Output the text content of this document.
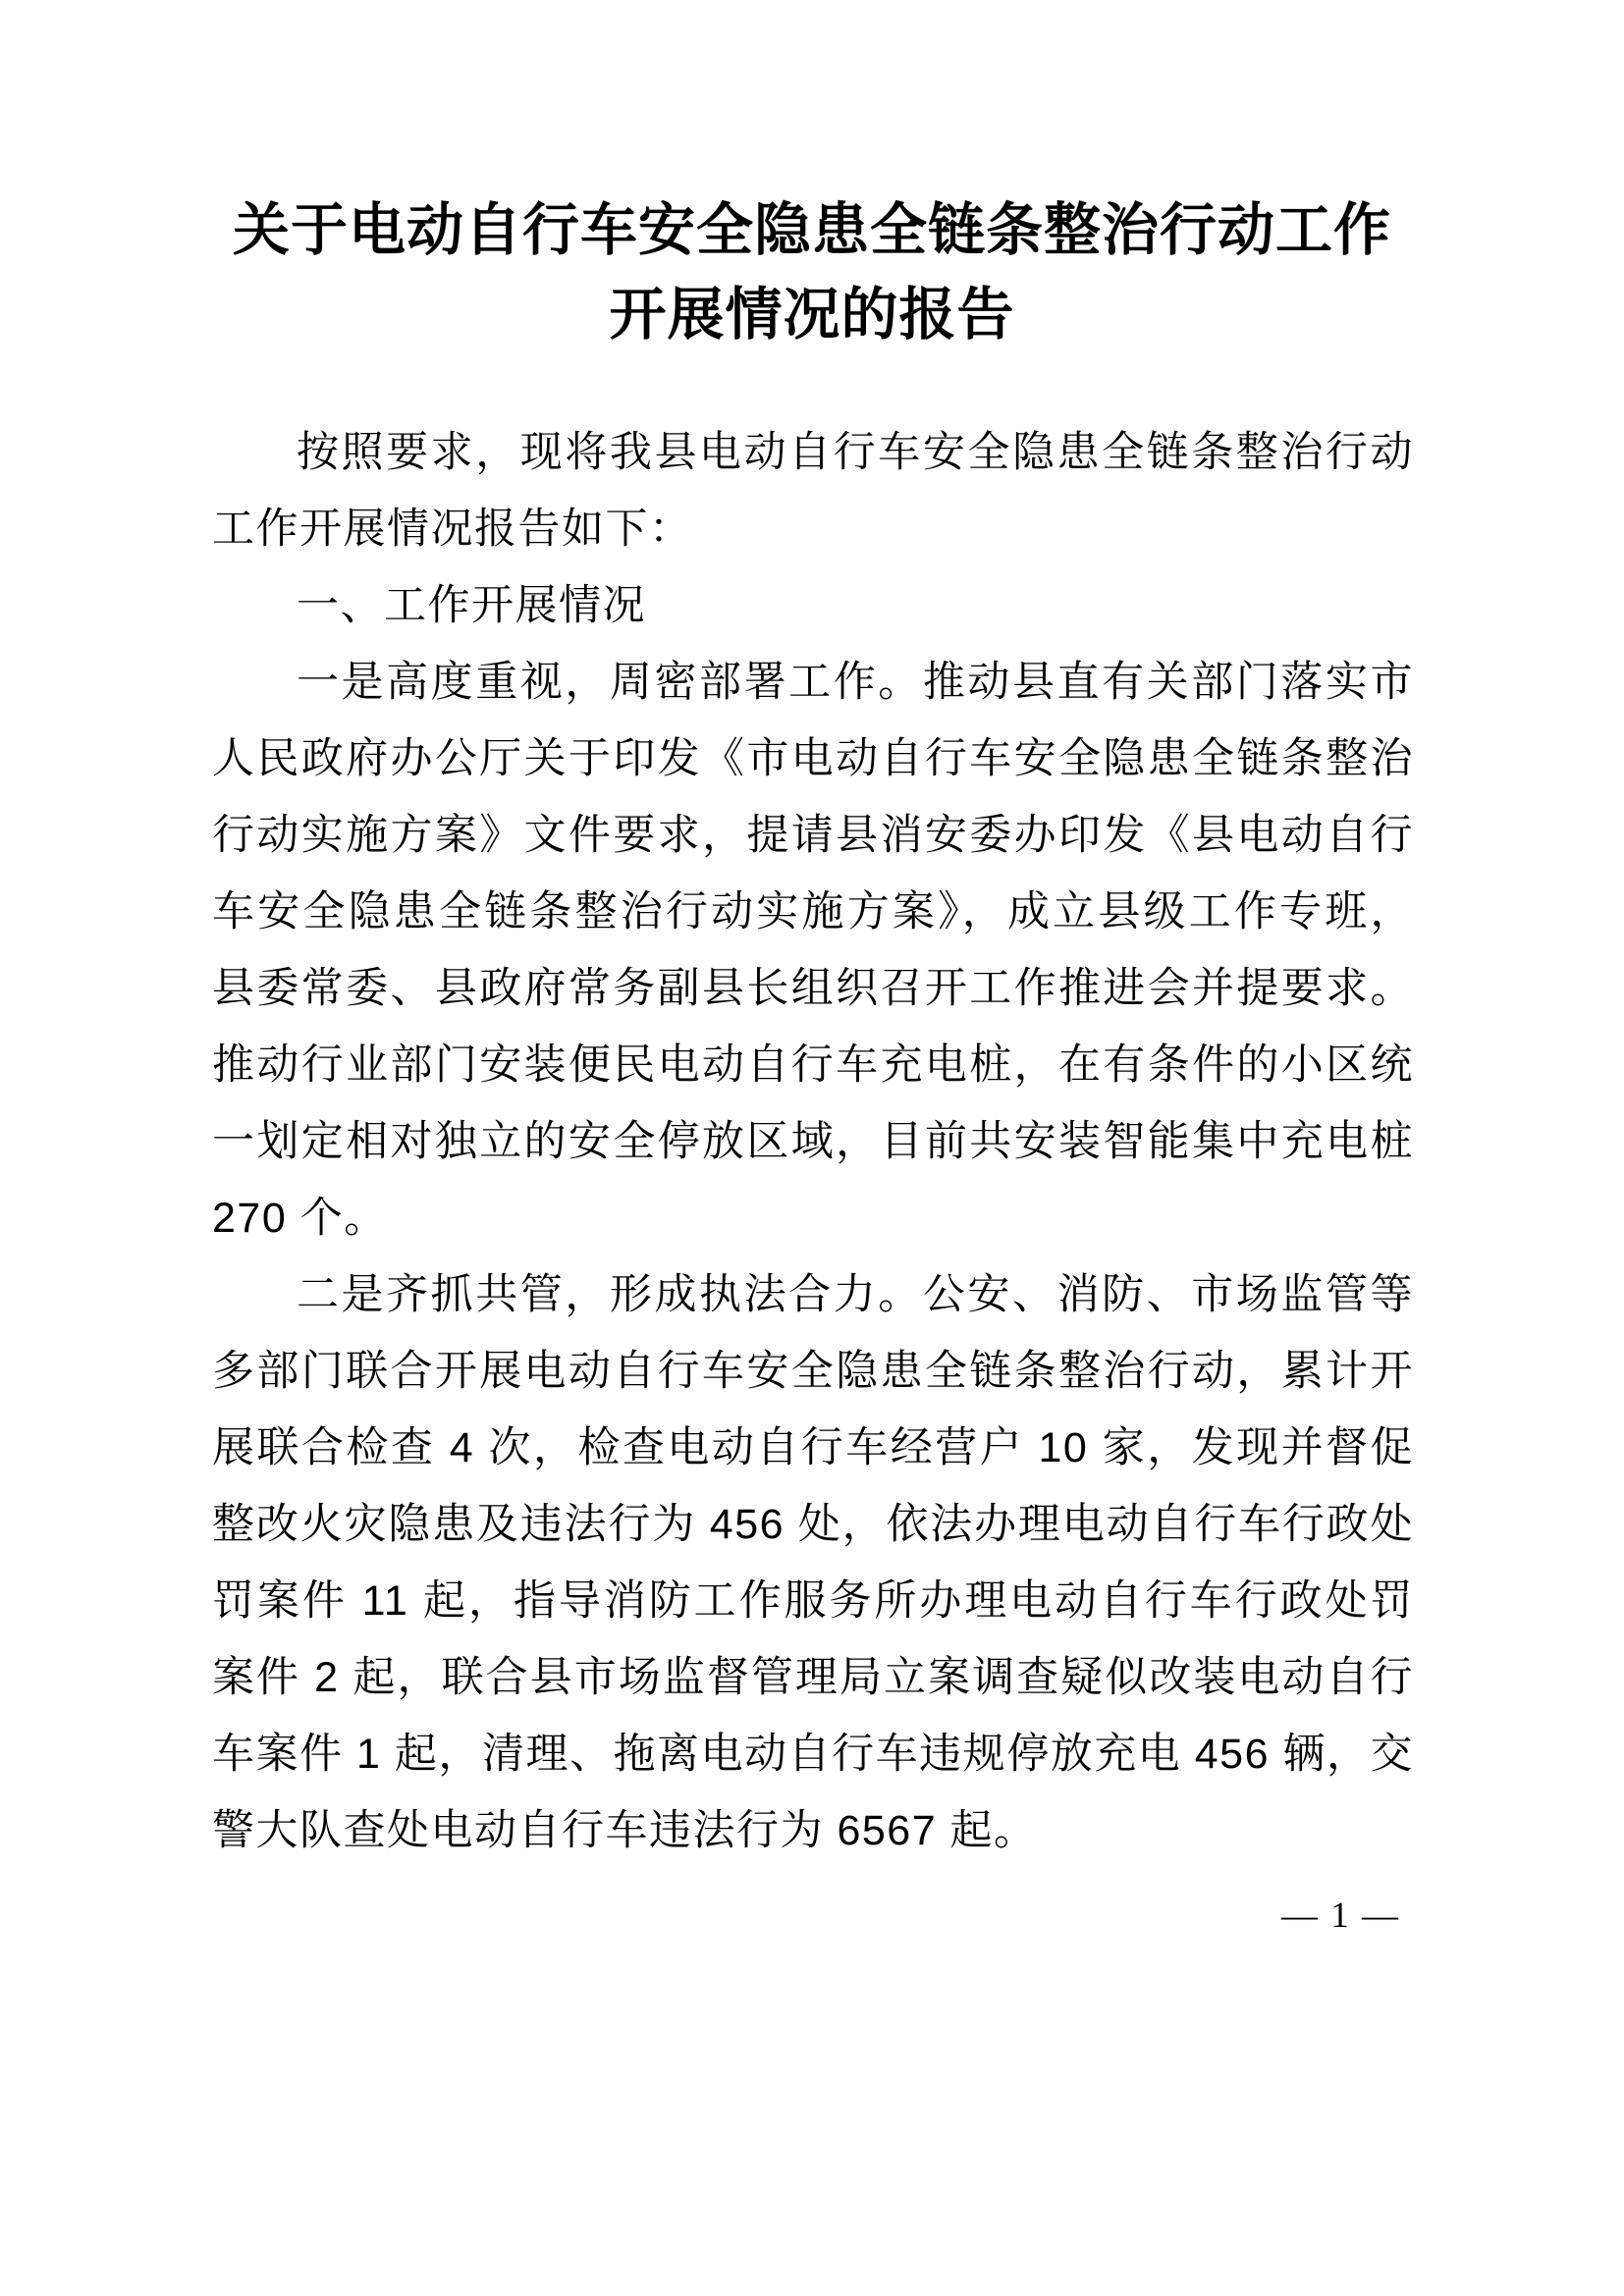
关于电动自行车安全隐患全链条整治行动工作
开展情况的报告

按照要求，现将我县电动自行车安全隐患全链条整治行动工作开展情况报告如下：

一、工作开展情况

一是高度重视，周密部署工作。推动县直有关部门落实市人民政府办公厅关于印发《市电动自行车安全隐患全链条整治行动实施方案》文件要求，提请县消安委办印发《县电动自行车安全隐患全链条整治行动实施方案》，成立县级工作专班，县委常委、县政府常务副县长组织召开工作推进会并提要求。推动行业部门安装便民电动自行车充电桩，在有条件的小区统一划定相对独立的安全停放区域，目前共安装智能集中充电桩 270 个。

二是齐抓共管，形成执法合力。公安、消防、市场监管等多部门联合开展电动自行车安全隐患全链条整治行动，累计开展联合检查 4 次，检查电动自行车经营户 10 家，发现并督促整改火灾隐患及违法行为 456 处，依法办理电动自行车行政处罚案件 11 起，指导消防工作服务所办理电动自行车行政处罚案件 2 起，联合县市场监督管理局立案调查疑似改装电动自行车案件 1 起，清理、拖离电动自行车违规停放充电 456 辆，交警大队查处电动自行车违法行为 6567 起。

— 1 —
